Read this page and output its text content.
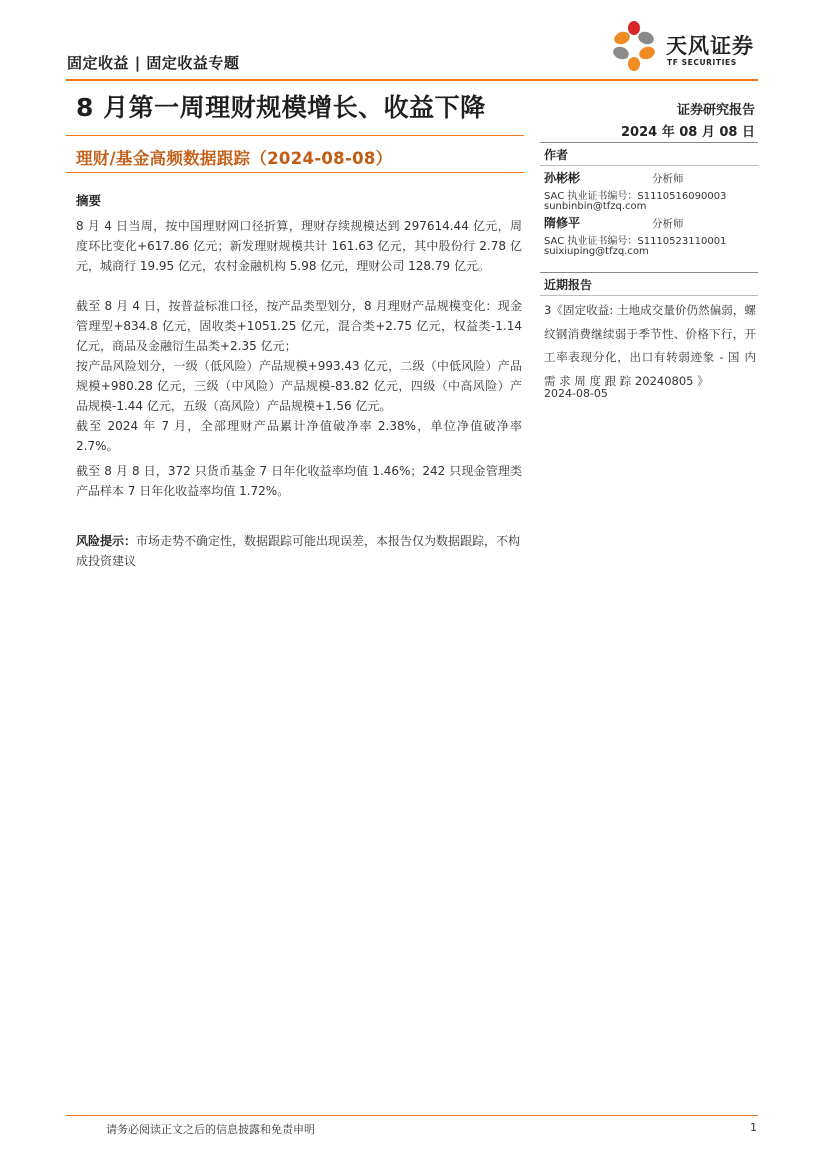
固定收益 | 固定收益专题
天风证券
TF SECURITIES
8 月第一周理财规模增长、收益下降	证券研究报告
2024 年 08 月 08 日
理财/基金高频数据跟踪（2024-08-08）	作者
孙彬彬	分析师
SAC 执业证书编号：S1110516090003
sunbinbin@tfzq.com
隋修平	分析师
SAC 执业证书编号：S1110523110001
suixiuping@tfzq.com
近期报告
3《固定收益: 土地成交量价仍然偏弱，螺纹钢消费继续弱于季节性、价格下行，开工率表现分化，出口有转弱迹象 - 国 内 需 求 周 度 跟 踪 20240805 》
2024-08-05
摘要
8 月 4 日当周，按中国理财网口径折算，理财存续规模达到 297614.44 亿元，周度环比变化+617.86 亿元；新发理财规模共计 161.63 亿元，其中股份行 2.78 亿元，城商行 19.95 亿元，农村金融机构 5.98 亿元，理财公司 128.79 亿元。
截至 8 月 4 日，按普益标准口径，按产品类型划分，8 月理财产品规模变化：现金管理型+834.8 亿元，固收类+1051.25 亿元，混合类+2.75 亿元，权益类-1.14 亿元，商品及金融衍生品类+2.35 亿元；
按产品风险划分，一级（低风险）产品规模+993.43 亿元，二级（中低风险）产品规模+980.28 亿元，三级（中风险）产品规模-83.82 亿元，四级（中高风险）产品规模-1.44 亿元，五级（高风险）产品规模+1.56 亿元。
截至 2024 年 7 月，全部理财产品累计净值破净率 2.38%，单位净值破净率 2.7%。
截至 8 月 8 日，372 只货币基金 7 日年化收益率均值 1.46%；242 只现金管理类产品样本 7 日年化收益率均值 1.72%。
风险提示：市场走势不确定性，数据跟踪可能出现误差，本报告仅为数据跟踪，不构成投资建议
请务必阅读正文之后的信息披露和免责申明	1
